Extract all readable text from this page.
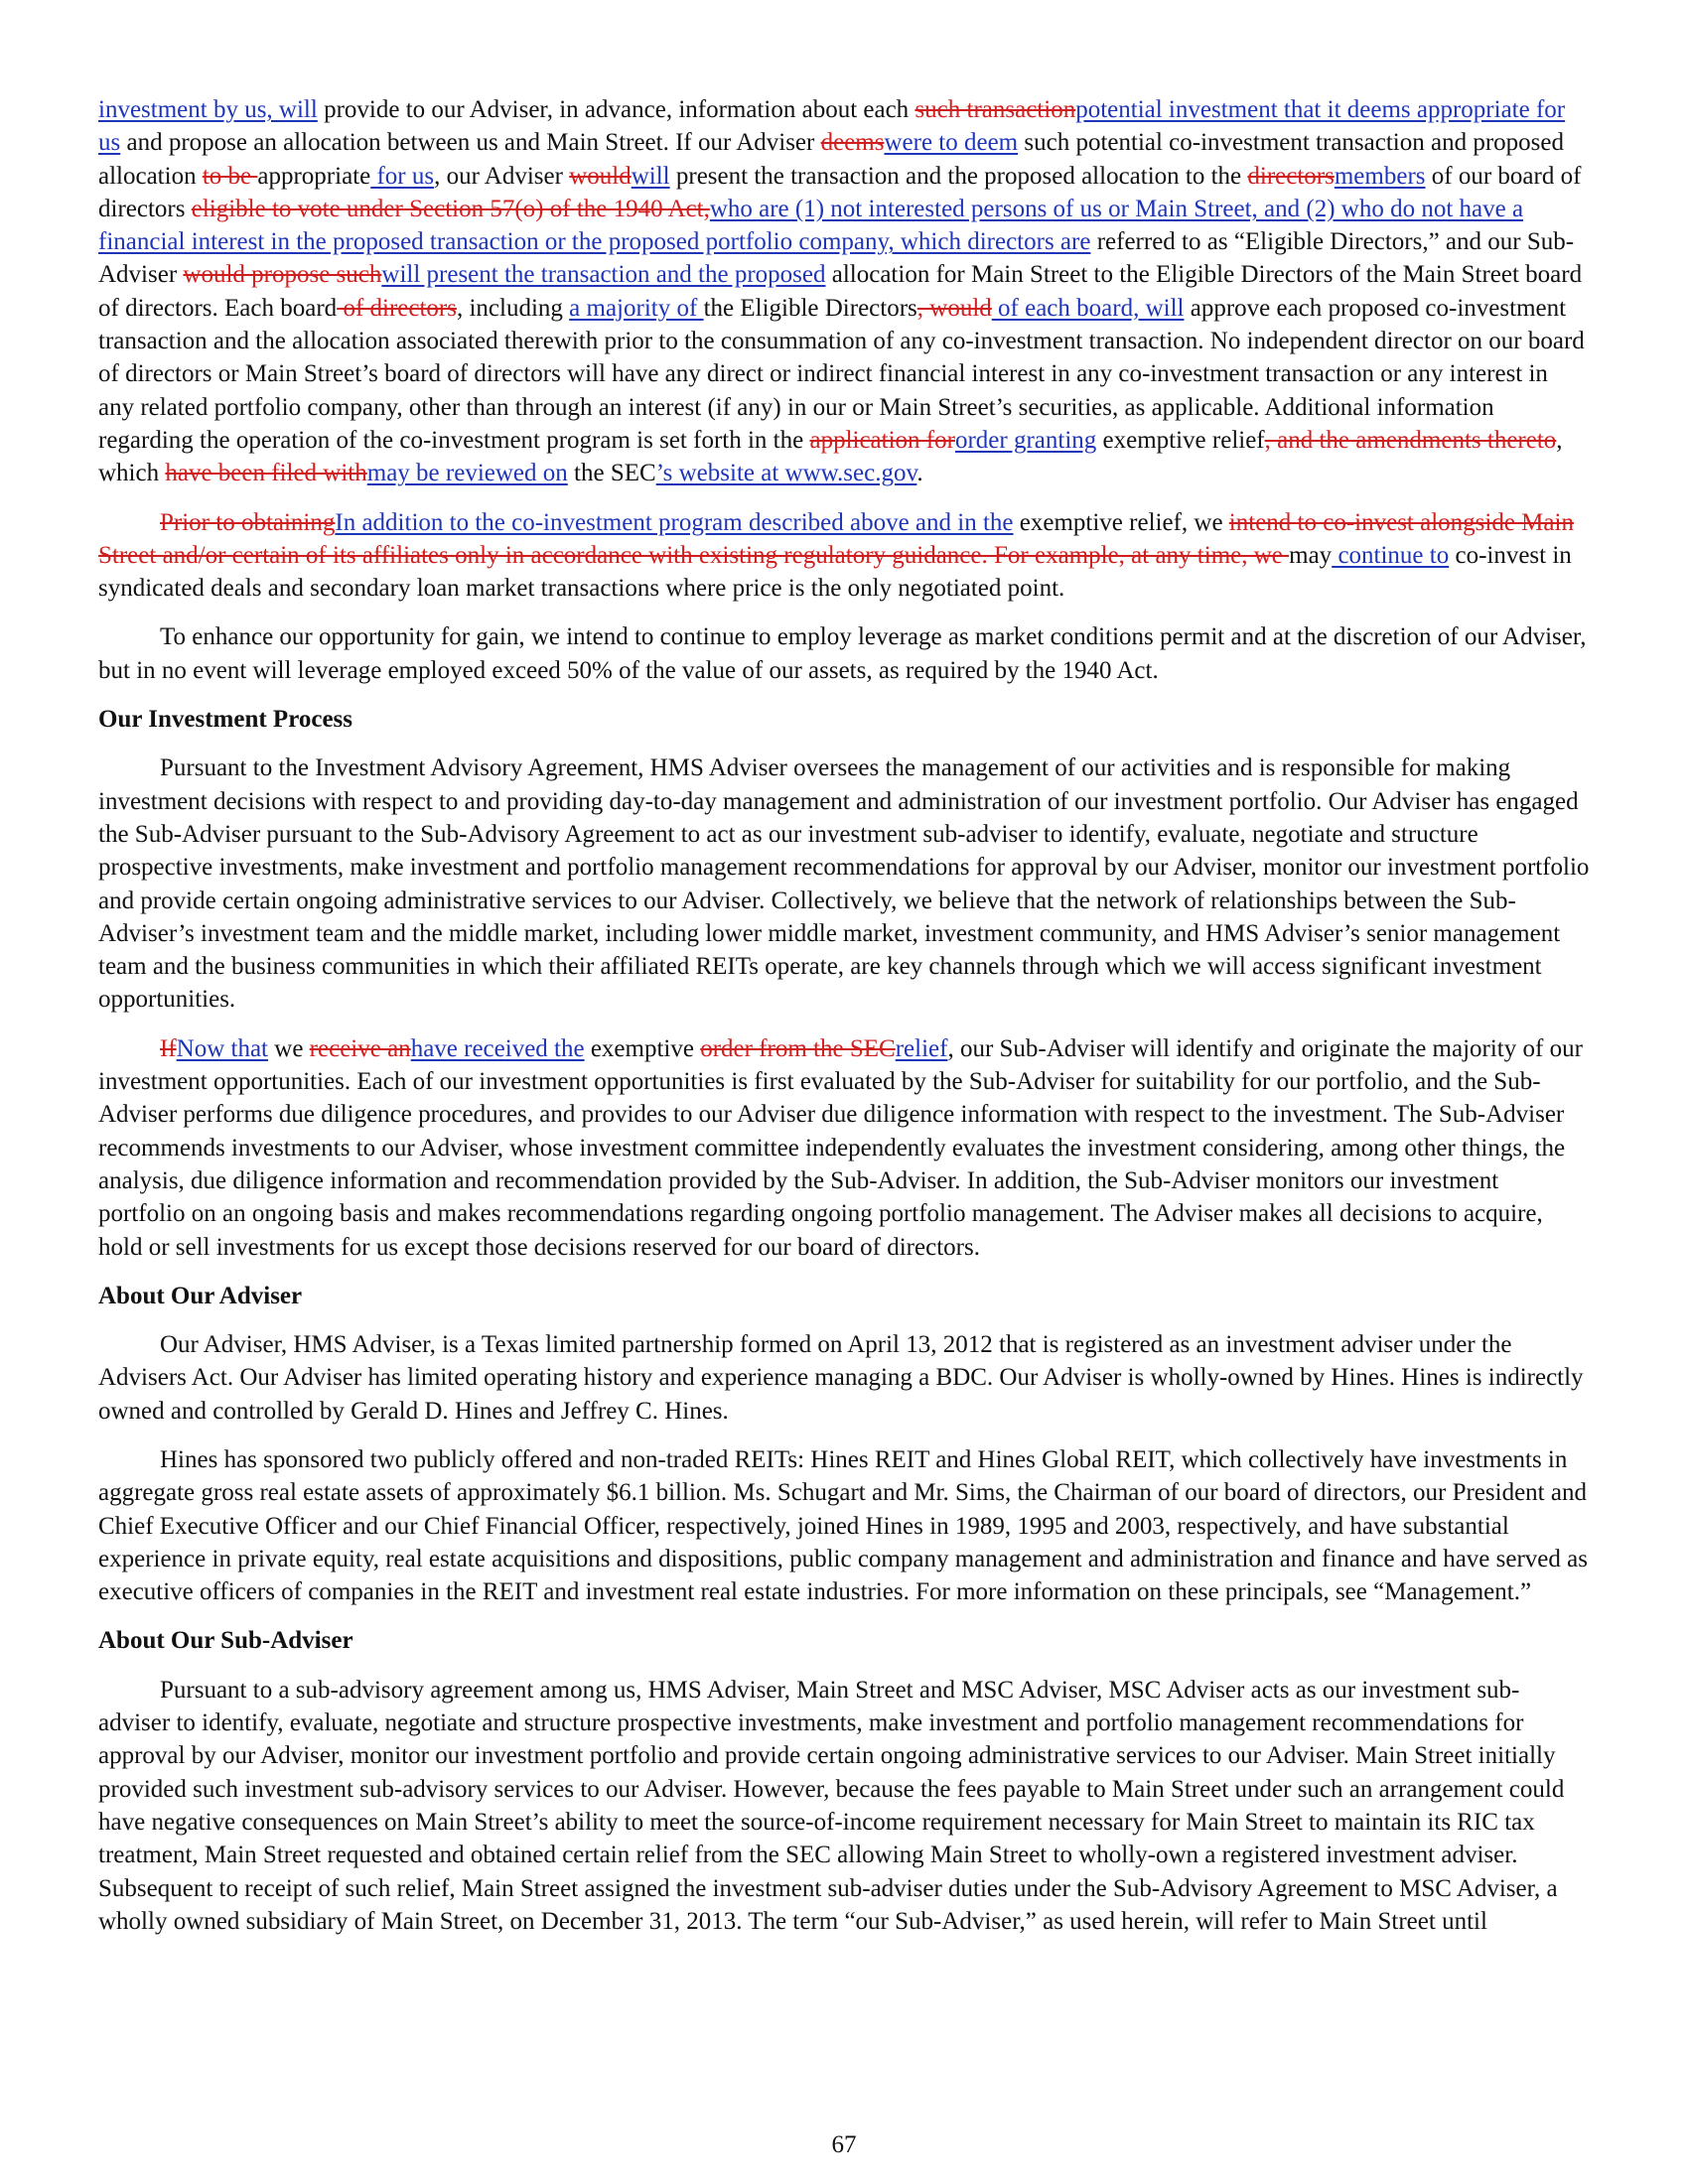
investment by us, will provide to our Adviser, in advance, information about each such transactionpotential investment that it deems appropriate for us and propose an allocation between us and Main Street. If our Adviser deemswere to deem such potential co-investment transaction and proposed allocation to be appropriate for us, our Adviser wouldwill present the transaction and the proposed allocation to the directorsmembers of our board of directors eligible to vote under Section 57(o) of the 1940 Act,who are (1) not interested persons of us or Main Street, and (2) who do not have a financial interest in the proposed transaction or the proposed portfolio company, which directors are referred to as “Eligible Directors,” and our Sub-Adviser would propose suchwill present the transaction and the proposed allocation for Main Street to the Eligible Directors of the Main Street board of directors. Each board of directors, including a majority of the Eligible Directors, would of each board, will approve each proposed co-investment transaction and the allocation associated therewith prior to the consummation of any co-investment transaction. No independent director on our board of directors or Main Street’s board of directors will have any direct or indirect financial interest in any co-investment transaction or any interest in any related portfolio company, other than through an interest (if any) in our or Main Street’s securities, as applicable. Additional information regarding the operation of the co-investment program is set forth in the application fororder granting exemptive relief, and the amendments thereto, which have been filed withmay be reviewed on the SEC’s website at www.sec.gov.

Prior to obtainingIn addition to the co-investment program described above and in the exemptive relief, we intend to co-invest alongside Main Street and/or certain of its affiliates only in accordance with existing regulatory guidance. For example, at any time, we may continue to co-invest in syndicated deals and secondary loan market transactions where price is the only negotiated point.

To enhance our opportunity for gain, we intend to continue to employ leverage as market conditions permit and at the discretion of our Adviser, but in no event will leverage employed exceed 50% of the value of our assets, as required by the 1940 Act.

Our Investment Process

Pursuant to the Investment Advisory Agreement, HMS Adviser oversees the management of our activities and is responsible for making investment decisions with respect to and providing day-to-day management and administration of our investment portfolio. Our Adviser has engaged the Sub-Adviser pursuant to the Sub-Advisory Agreement to act as our investment sub-adviser to identify, evaluate, negotiate and structure prospective investments, make investment and portfolio management recommendations for approval by our Adviser, monitor our investment portfolio and provide certain ongoing administrative services to our Adviser. Collectively, we believe that the network of relationships between the Sub-Adviser’s investment team and the middle market, including lower middle market, investment community, and HMS Adviser’s senior management team and the business communities in which their affiliated REITs operate, are key channels through which we will access significant investment opportunities.

IfNow that we receive anhave received the exemptive order from the SECrelief, our Sub-Adviser will identify and originate the majority of our investment opportunities. Each of our investment opportunities is first evaluated by the Sub-Adviser for suitability for our portfolio, and the Sub-Adviser performs due diligence procedures, and provides to our Adviser due diligence information with respect to the investment. The Sub-Adviser recommends investments to our Adviser, whose investment committee independently evaluates the investment considering, among other things, the analysis, due diligence information and recommendation provided by the Sub-Adviser. In addition, the Sub-Adviser monitors our investment portfolio on an ongoing basis and makes recommendations regarding ongoing portfolio management. The Adviser makes all decisions to acquire, hold or sell investments for us except those decisions reserved for our board of directors.

About Our Adviser

Our Adviser, HMS Adviser, is a Texas limited partnership formed on April 13, 2012 that is registered as an investment adviser under the Advisers Act. Our Adviser has limited operating history and experience managing a BDC. Our Adviser is wholly-owned by Hines. Hines is indirectly owned and controlled by Gerald D. Hines and Jeffrey C. Hines.

Hines has sponsored two publicly offered and non-traded REITs: Hines REIT and Hines Global REIT, which collectively have investments in aggregate gross real estate assets of approximately $6.1 billion. Ms. Schugart and Mr. Sims, the Chairman of our board of directors, our President and Chief Executive Officer and our Chief Financial Officer, respectively, joined Hines in 1989, 1995 and 2003, respectively, and have substantial experience in private equity, real estate acquisitions and dispositions, public company management and administration and finance and have served as executive officers of companies in the REIT and investment real estate industries. For more information on these principals, see “Management.”

About Our Sub-Adviser

Pursuant to a sub-advisory agreement among us, HMS Adviser, Main Street and MSC Adviser, MSC Adviser acts as our investment sub-adviser to identify, evaluate, negotiate and structure prospective investments, make investment and portfolio management recommendations for approval by our Adviser, monitor our investment portfolio and provide certain ongoing administrative services to our Adviser. Main Street initially provided such investment sub-advisory services to our Adviser. However, because the fees payable to Main Street under such an arrangement could have negative consequences on Main Street’s ability to meet the source-of-income requirement necessary for Main Street to maintain its RIC tax treatment, Main Street requested and obtained certain relief from the SEC allowing Main Street to wholly-own a registered investment adviser. Subsequent to receipt of such relief, Main Street assigned the investment sub-adviser duties under the Sub-Advisory Agreement to MSC Adviser, a wholly owned subsidiary of Main Street, on December 31, 2013. The term “our Sub-Adviser,” as used herein, will refer to Main Street until

67
